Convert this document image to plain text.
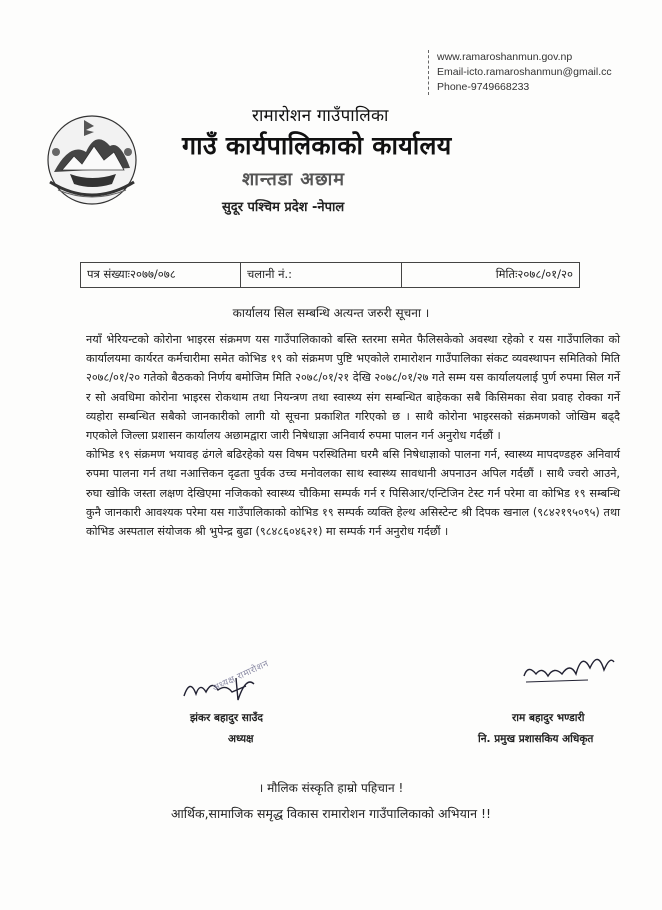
www.ramaroshanmun.gov.np
Email-icto.ramaroshanmun@gmail.cc
Phone-9749668233
रामारोशन गाउँपालिका
गाउँ कार्यपालिकाको कार्यालय
शान्तडा अछाम
सुदूर पश्चिम प्रदेश -नेपाल
पत्र संख्याः२०७७/०७८	चलानी नं.:	मितिः२०७८/०१/२०
कार्यालय सिल सम्बन्धि अत्यन्त जरुरी सूचना ।

नयाँ भेरियन्टको कोरोना भाइरस संक्रमण यस गाउँपालिकाको बस्ति स्तरमा समेत फैलिसकेको अवस्था रहेको र यस गाउँपालिका को कार्यालयमा कार्यरत कर्मचारीमा समेत कोभिड १९ को संक्रमण पुष्टि भएकोले रामारोशन गाउँपालिका संकट व्यवस्थापन समितिको मिति २०७८/०१/२० गतेको बैठकको निर्णय बमोजिम मिति २०७८/०१/२१ देखि २०७८/०१/२७ गते सम्म यस कार्यालयलाई पुर्ण रुपमा सिल गर्ने र सो अवधिमा कोरोना भाइरस रोकथाम तथा नियन्त्रण तथा स्वास्थ्य संग सम्बन्धित बाहेकका सबै किसिमका सेवा प्रवाह रोक्का गर्ने व्यहोरा सम्बन्धित सबैको जानकारीको लागी यो सूचना प्रकाशित गरिएको छ । साथै कोरोना भाइरसको संक्रमणको जोखिम बढ्दै गएकोले जिल्ला प्रशासन कार्यालय अछामद्वारा जारी निषेधाज्ञा अनिवार्य रुपमा पालन गर्न अनुरोध गर्दछौं ।

कोभिड १९ संक्रमण भयावह ढंगले बढिरहेको यस विषम परस्थितिमा घरमै बसि निषेधाज्ञाको पालना गर्न, स्वास्थ्य मापदण्डहरु अनिवार्य रुपमा पालना गर्न तथा नआत्तिकन दृढता पुर्वक उच्च मनोवलका साथ स्वास्थ्य सावधानी अपनाउन अपिल गर्दछौं । साथै ज्वरो आउने, रुघा खोकि जस्ता लक्षण देखिएमा नजिकको स्वास्थ्य चौकिमा सम्पर्क गर्न र पिसिआर/एन्टिजिन टेस्ट गर्न परेमा वा कोभिड १९ सम्बन्धि कुनै जानकारी आवश्यक परेमा यस गाउँपालिकाको कोभिड १९ सम्पर्क व्यक्ति हेल्थ असिस्टेन्ट श्री दिपक खनाल (९८४२१९५०९५) तथा कोभिड अस्पताल संयोजक श्री भुपेन्द्र बुढा (९८४८६०४६२१) मा सम्पर्क गर्न अनुरोध गर्दछौं ।

अध्यक्ष रामारोशन
झंकर बहादुर साउँद
अध्यक्ष
राम बहादुर भण्डारी
नि. प्रमुख प्रशासकिय अधिकृत
। मौलिक संस्कृति हाम्रो पहिचान !
आर्थिक,सामाजिक समृद्ध विकास रामारोशन गाउँपालिकाको अभियान !!
